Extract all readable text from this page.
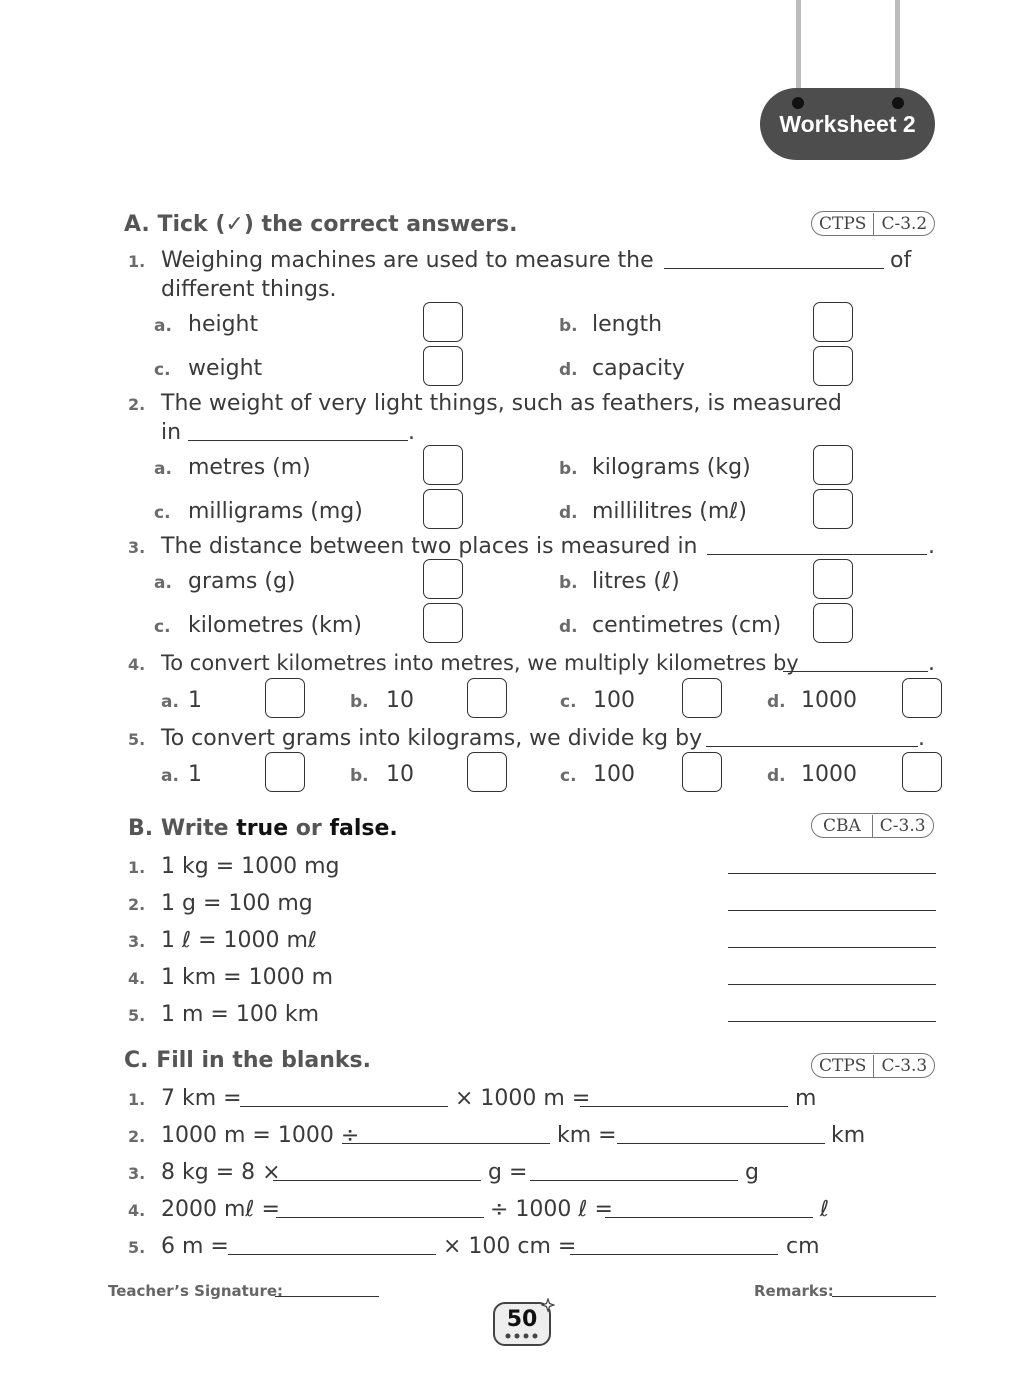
Worksheet 2
A. Tick (✓) the correct answers.	CTPS C-3.2
1. Weighing machines are used to measure the	of
different things.
a. height	b. length
c. weight	d. capacity
2. The weight of very light things, such as feathers, is measured
in	.
a. metres (m)	b. kilograms (kg)
c. milligrams (mg)	d. millilitres (mℓ)
3. The distance between two places is measured in	.
a. grams (g)	b. litres (ℓ)
c. kilometres (km)	d. centimetres (cm)
4. To convert kilometres into metres, we multiply kilometres by	.
a. 1	b. 10	c. 100	d. 1000
5. To convert grams into kilograms, we divide kg by	.
a. 1	b. 10	c. 100	d. 1000
B. Write true or false.	CBA	C-3.3
1. 1 kg = 1000 mg
2. 1 g = 100 mg
3. 1 ℓ = 1000 mℓ
4. 1 km = 1000 m
5. 1 m = 100 km
C. Fill in the blanks.	CTPS C-3.3
1. 7 km =	× 1000 m =	m
2. 1000 m = 1000 ÷	km =	km
3. 8 kg = 8 ×	g =	g
4. 2000 mℓ =	÷ 1000 ℓ =	ℓ
5. 6 m =	× 100 cm =	cm
Teacher’s Signature:	Remarks:
50
